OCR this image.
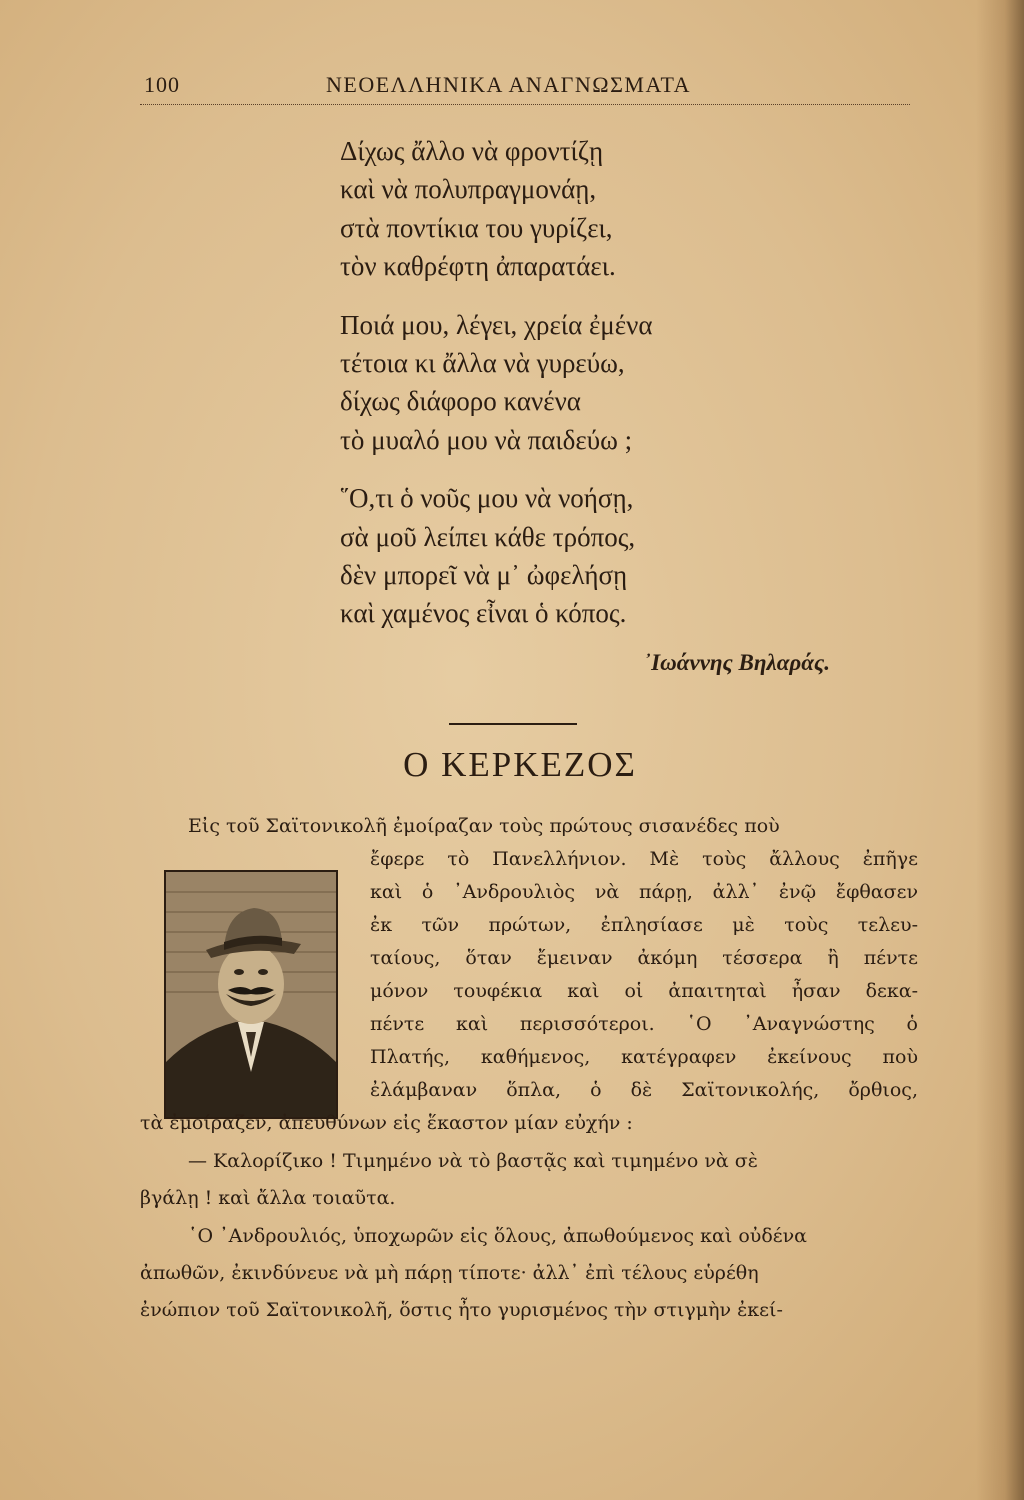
100	ΝΕΟΕΛΛΗΝΙΚΑ ΑΝΑΓΝΩΣΜΑΤΑ
Δίχως ἄλλο νὰ φροντίζῃ
καὶ νὰ πολυπραγμονάῃ,
στὰ ποντίκια του γυρίζει,
τὸν καθρέφτη ἀπαρατάει.
Ποιά μου, λέγει, χρεία ἐμένα
τέτοια κι ἄλλα νὰ γυρεύω,
δίχως διάφορο κανένα
τὸ μυαλό μου νὰ παιδεύω ;
῞Ο,τι ὁ νοῦς μου νὰ νοήσῃ,
σὰ μοῦ λείπει κάθε τρόπος,
δὲν μπορεῖ νὰ μ᾽ ὠφελήσῃ
καὶ χαμένος εἶναι ὁ κόπος.
᾽Ιωάννης Βηλαράς.
Ο ΚΕΡΚΕΖΟΣ
Εἰς τοῦ Σαϊτονικολῆ ἐμοίραζαν τοὺς πρώτους σισανέδες ποὺ
ἔφερε τὸ Πανελλήνιον. Μὲ τοὺς ἄλλους ἐπῆγε
καὶ ὁ ᾽Ανδρουλιὸς νὰ πάρῃ, ἀλλ᾽ ἐνῷ ἔφθασεν
ἐκ τῶν πρώτων, ἐπλησίασε μὲ τοὺς τελευ-
ταίους, ὅταν ἔμειναν ἀκόμη τέσσερα ἢ πέντε
μόνον τουφέκια καὶ οἱ ἀπαιτηταὶ ἦσαν δεκα-
πέντε καὶ περισσότεροι. ῾Ο ᾽Αναγνώστης ὁ
Πλατής, καθήμενος, κατέγραφεν ἐκείνους ποὺ
ἐλάμβαναν ὅπλα, ὁ δὲ Σαϊτονικολής, ὄρθιος,
τὰ ἐμοίραζεν, ἀπευθύνων εἰς ἕκαστον μίαν εὐχήν :
— Καλορίζικο ! Τιμημένο νὰ τὸ βαστᾷς καὶ τιμημένο νὰ σὲ
βγάλῃ ! καὶ ἄλλα τοιαῦτα.
῾Ο ᾽Ανδρουλιός, ὑποχωρῶν εἰς ὅλους, ἀπωθούμενος καὶ οὐδένα
ἀπωθῶν, ἐκινδύνευε νὰ μὴ πάρῃ τίποτε· ἀλλ᾽ ἐπὶ τέλους εὑρέθη
ἐνώπιον τοῦ Σαϊτονικολῆ, ὅστις ἦτο γυρισμένος τὴν στιγμὴν ἐκεί-
